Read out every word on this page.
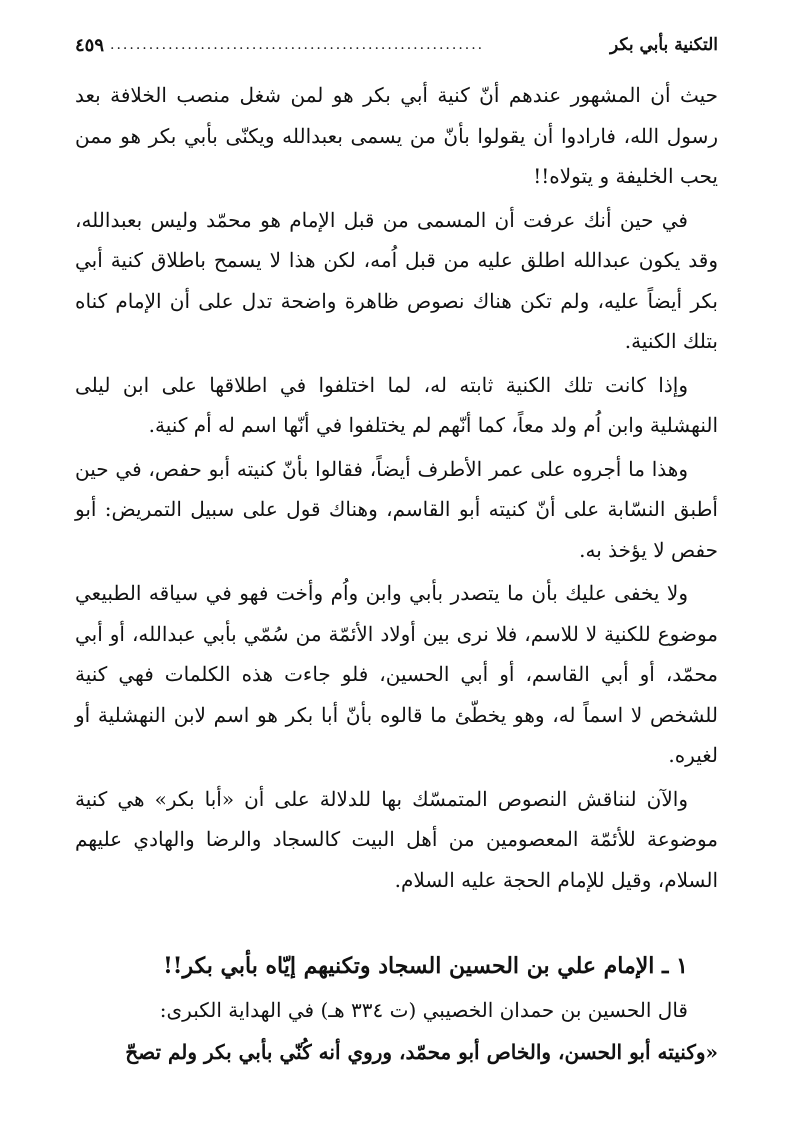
التكنية بأبي بكر
..........................................................
٤٥٩

حيث أن المشهور عندهم أنّ كنية أبي بكر هو لمن شغل منصب الخلافة بعد رسول الله، فارادوا أن يقولوا بأنّ من يسمى بعبدالله ويكنّى بأبي بكر هو ممن يحب الخليفة و يتولاه!!

في حين أنك عرفت أن المسمى من قبل الإمام هو محمّد وليس بعبدالله، وقد يكون عبدالله اطلق عليه من قبل اُمه، لكن هذا لا يسمح باطلاق كنية أبي بكر أيضاً عليه، ولم تكن هناك نصوص ظاهرة واضحة تدل على أن الإمام كناه بتلك الكنية.

وإذا كانت تلك الكنية ثابته له، لما اختلفوا في اطلاقها على ابن ليلى النهشلية وابن اُم ولد معاً، كما أنّهم لم يختلفوا في أنّها اسم له أم كنية.

وهذا ما أجروه على عمر الأطرف أيضاً، فقالوا بأنّ كنيته أبو حفص، في حين أطبق النسّابة على أنّ كنيته أبو القاسم، وهناك قول على سبيل التمريض: أبو حفص لا يؤخذ به.

ولا يخفى عليك بأن ما يتصدر بأبي وابن واُم وأخت فهو في سياقه الطبيعي موضوع للكنية لا للاسم، فلا نرى بين أولاد الأئمّة من سُمّي بأبي عبدالله، أو أبي محمّد، أو أبي القاسم، أو أبي الحسين، فلو جاءت هذه الكلمات فهي كنية للشخص لا اسماً له، وهو يخطّئ ما قالوه بأنّ أبا بكر هو اسم لابن النهشلية أو لغيره.

والآن لنناقش النصوص المتمسّك بها للدلالة على أن «أبا بكر» هي كنية موضوعة للأئمّة المعصومين من أهل البيت كالسجاد والرضا والهادي عليهم السلام، وقيل للإمام الحجة عليه السلام.

١ ـ الإمام علي بن الحسين السجاد وتكنيهم إيّاه بأبي بكر!!

قال الحسين بن حمدان الخصيبي (ت ٣٣٤ هـ) في الهداية الكبرى:

«وكنيته أبو الحسن، والخاص أبو محمّد، وروي أنه كُنّي بأبي بكر ولم تصحّ
